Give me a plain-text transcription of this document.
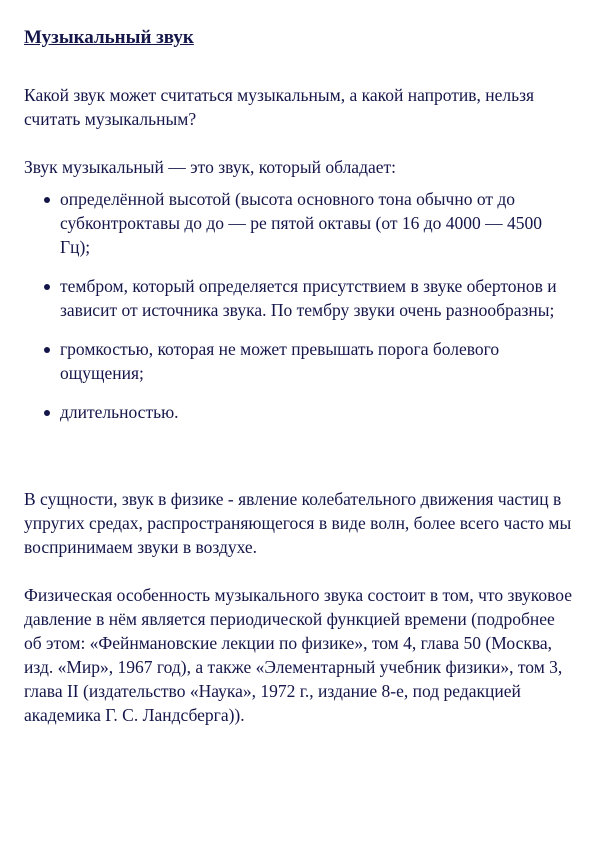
Музыкальный звук

Какой звук может считаться музыкальным, а какой напротив, нельзя считать музыкальным?

Звук музыкальный — это звук, который обладает:

определённой высотой (высота основного тона обычно от до субконтроктавы до до — ре пятой октавы (от 16 до 4000 — 4500 Гц);
тембром, который определяется присутствием в звуке обертонов и зависит от источника звука. По тембру звуки очень разнообразны;
громкостью, которая не может превышать порога болевого ощущения;
длительностью.

В сущности, звук в физике - явление колебательного движения частиц в упругих средах, распространяющегося в виде волн, более всего часто мы воспринимаем звуки в воздухе.

Физическая особенность музыкального звука состоит в том, что звуковое давление в нём является периодической функцией времени (подробнее об этом: «Фейнмановские лекции по физике», том 4, глава 50 (Москва, изд. «Мир», 1967 год), а также «Элементарный учебник физики», том 3, глава II (издательство «Наука», 1972 г., издание 8-е, под редакцией академика Г. С. Ландсберга)).
